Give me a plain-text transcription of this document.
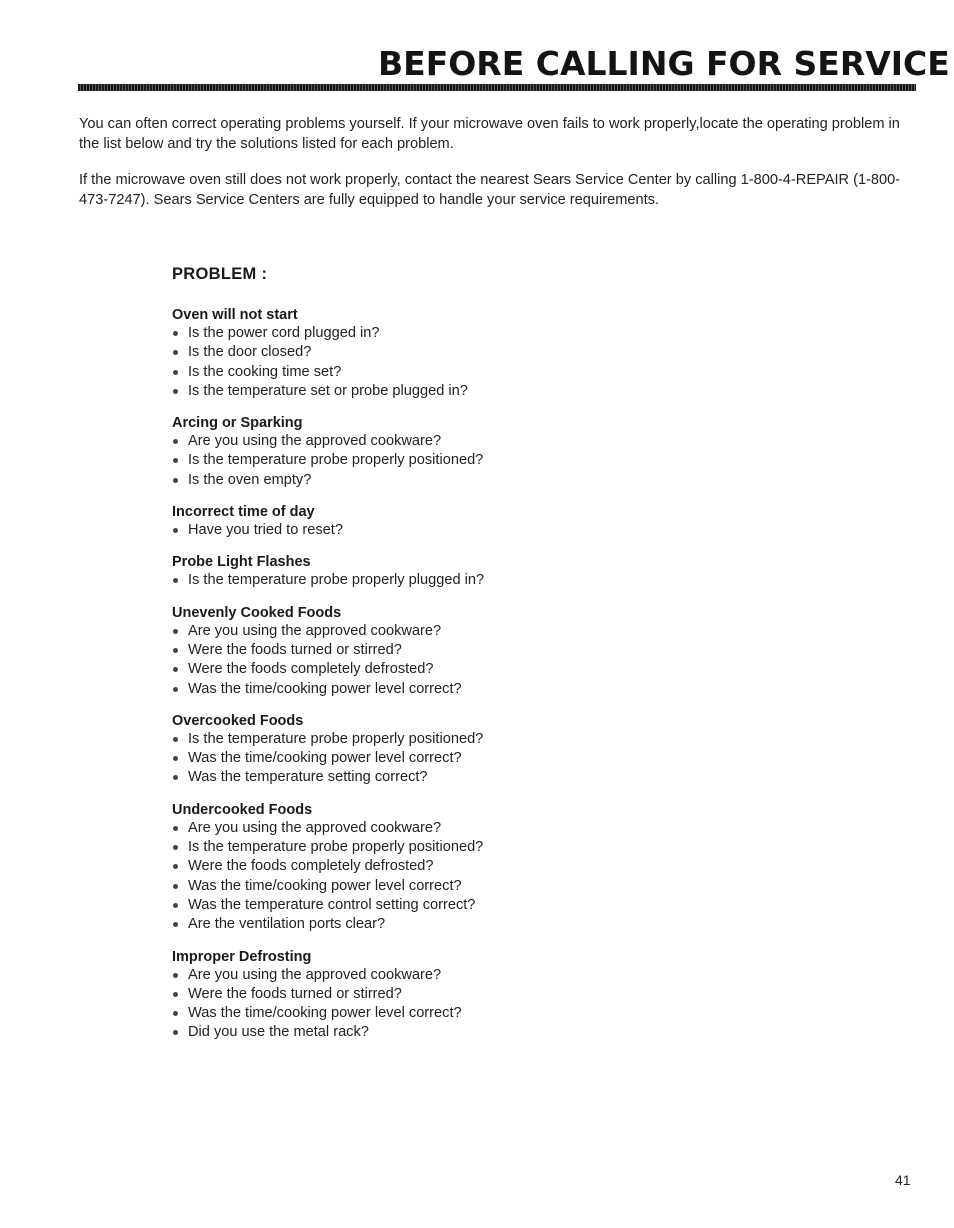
BEFORE CALLING FOR SERVICE

You can often correct operating problems yourself. If your microwave oven fails to work properly,locate the operating problem in the list below and try the solutions listed for each problem.

If the microwave oven still does not work properly, contact the nearest Sears Service Center by calling 1-800-4-REPAIR (1-800-473-7247). Sears Service Centers are fully equipped to handle your service requirements.

PROBLEM :
Oven will not start
Is the power cord plugged in?
Is the door closed?
Is the cooking time set?
Is the temperature set or probe plugged in?
Arcing or Sparking
Are you using the approved cookware?
Is the temperature probe properly positioned?
Is the oven empty?
Incorrect time of day
Have you tried to reset?
Probe Light Flashes
Is the temperature probe properly plugged in?
Unevenly Cooked Foods
Are you using the approved cookware?
Were the foods turned or stirred?
Were the foods completely defrosted?
Was the time/cooking power level correct?
Overcooked Foods
Is the temperature probe properly positioned?
Was the time/cooking power level correct?
Was the temperature setting correct?
Undercooked Foods
Are you using the approved cookware?
Is the temperature probe properly positioned?
Were the foods completely defrosted?
Was the time/cooking power level correct?
Was the temperature control setting correct?
Are the ventilation ports clear?
Improper Defrosting
Are you using the approved cookware?
Were the foods turned or stirred?
Was the time/cooking power level correct?
Did you use the metal rack?
41
